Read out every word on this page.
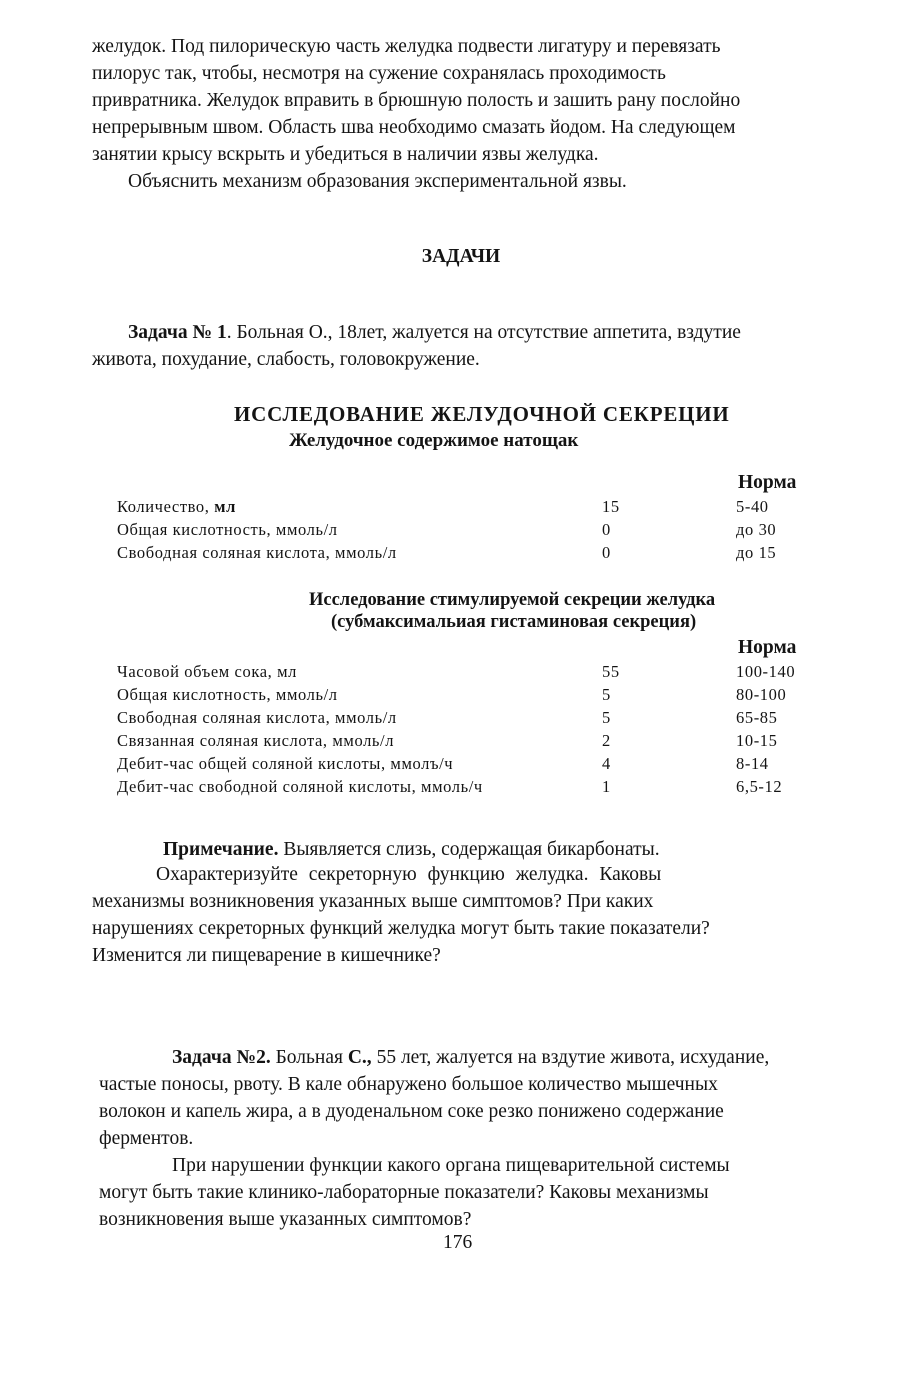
желудок. Под пилорическую часть желудка подвести лигатуру и перевязать

пилорус так, чтобы, несмотря на сужение сохранялась проходимость

привратника. Желудок вправить в брюшную полость и зашить рану послойно

непрерывным швом. Область шва необходимо смазать йодом. На следующем

занятии крысу вскрыть и убедиться в наличии язвы желудка.

Объяснить механизм образования экспериментальной язвы.

ЗАДАЧИ

Задача № 1. Больная О., 18лет, жалуется на отсутствие аппетита, вздутие

живота, похудание, слабость, головокружение.

ИССЛЕДОВАНИЕ ЖЕЛУДОЧНОЙ СЕКРЕЦИИ

Желудочное содержимое натощак

Норма
Количество, мл	15	5-40
Общая кислотность, ммоль/л	0	до 30
Свободная соляная кислота, ммоль/л	0	до 15

Исследование стимулируемой секреции желудка

(субмаксимальиая гистаминовая секреция)

Норма
Часовой объем сока, мл	55	100-140
Общая кислотность, ммоль/л	5	80-100
Свободная соляная кислота, ммоль/л	5	65-85
Связанная соляная кислота, ммоль/л	2	10-15
Дебит-час общей соляной кислоты, ммолъ/ч	4	8-14
Дебит-час свободной соляной кислоты, ммоль/ч	1	6,5-12

Примечание. Выявляется слизь, содержащая бикарбонаты.

Охарактеризуйте секреторную функцию желудка. Каковы

механизмы возникновения указанных выше симптомов? При каких

нарушениях секреторных функций желудка могут быть такие показатели?

Изменится ли пищеварение в кишечнике?

Задача №2. Больная С., 55 лет, жалуется на вздутие живота, исхудание,

частые поносы, рвоту. В кале обнаружено большое количество мышечных

волокон и капель жира, а в дуоденальном соке резко понижено содержание

ферментов.

При нарушении функции какого органа пищеварительной системы

могут быть такие клинико-лабораторные показатели? Каковы механизмы

возникновения выше указанных симптомов?

176
